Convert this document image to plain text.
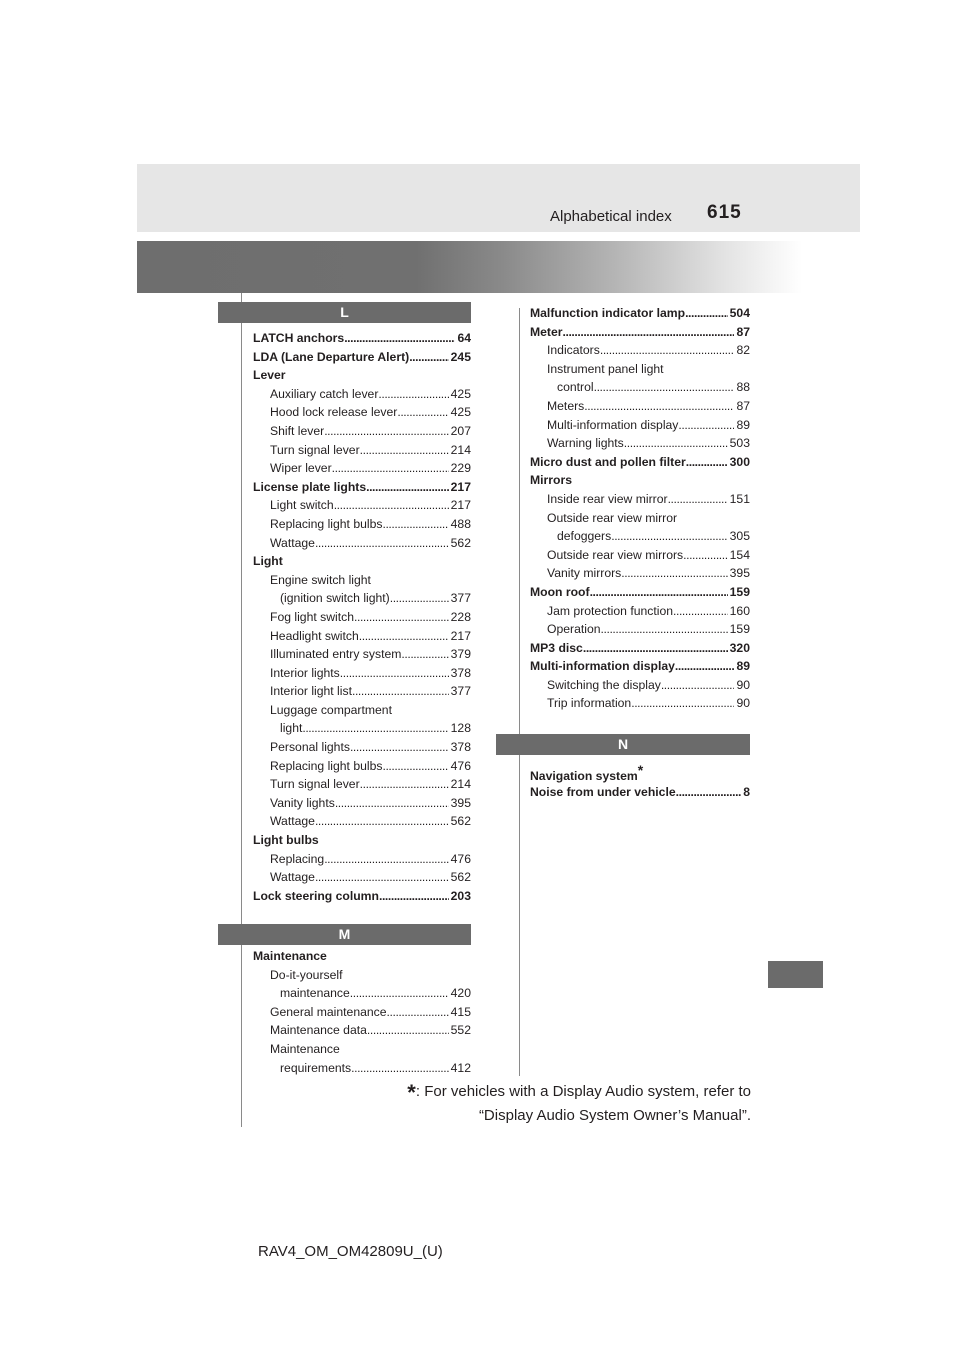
Alphabetical index 615
L
LATCH anchors . . .	64
LDA (Lane Departure Alert) . . .	245
Lever
Auxiliary catch lever . . .	425
Hood lock release lever . . .	425
Shift lever . . .	207
Turn signal lever . . .	214
Wiper lever . . .	229
License plate lights . . .	217
Light switch . . .	217
Replacing light bulbs . . .	488
Wattage . . .	562
Light
Engine switch light
(ignition switch light) . . .	377
Fog light switch . . .	228
Headlight switch . . .	217
Illuminated entry system . . .	379
Interior lights . . .	378
Interior light list . . .	377
Luggage compartment
light . . .	128
Personal lights . . .	378
Replacing light bulbs . . .	476
Turn signal lever . . .	214
Vanity lights . . .	395
Wattage . . .	562
Light bulbs
Replacing . . .	476
Wattage . . .	562
Lock steering column . . .	203
M
Maintenance
Do-it-yourself
maintenance . . .	420
General maintenance . . .	415
Maintenance data . . .	552
Maintenance
requirements . . .	412
Malfunction indicator lamp . . .	504
Meter . . .	87
Indicators . . .	82
Instrument panel light
control . . .	88
Meters . . .	87
Multi-information display . . .	89
Warning lights . . .	503
Micro dust and pollen filter . . .	300
Mirrors
Inside rear view mirror . . .	151
Outside rear view mirror
defoggers . . .	305
Outside rear view mirrors . . .	154
Vanity mirrors . . .	395
Moon roof . . .	159
Jam protection function . . .	160
Operation . . .	159
MP3 disc . . .	320
Multi-information display . . .	89
Switching the display . . .	90
Trip information . . .	90
N
Navigation system*
Noise from under vehicle . . .	8
*: For vehicles with a Display Audio system, refer to
“Display Audio System Owner’s Manual”.
RAV4_OM_OM42809U_(U)
